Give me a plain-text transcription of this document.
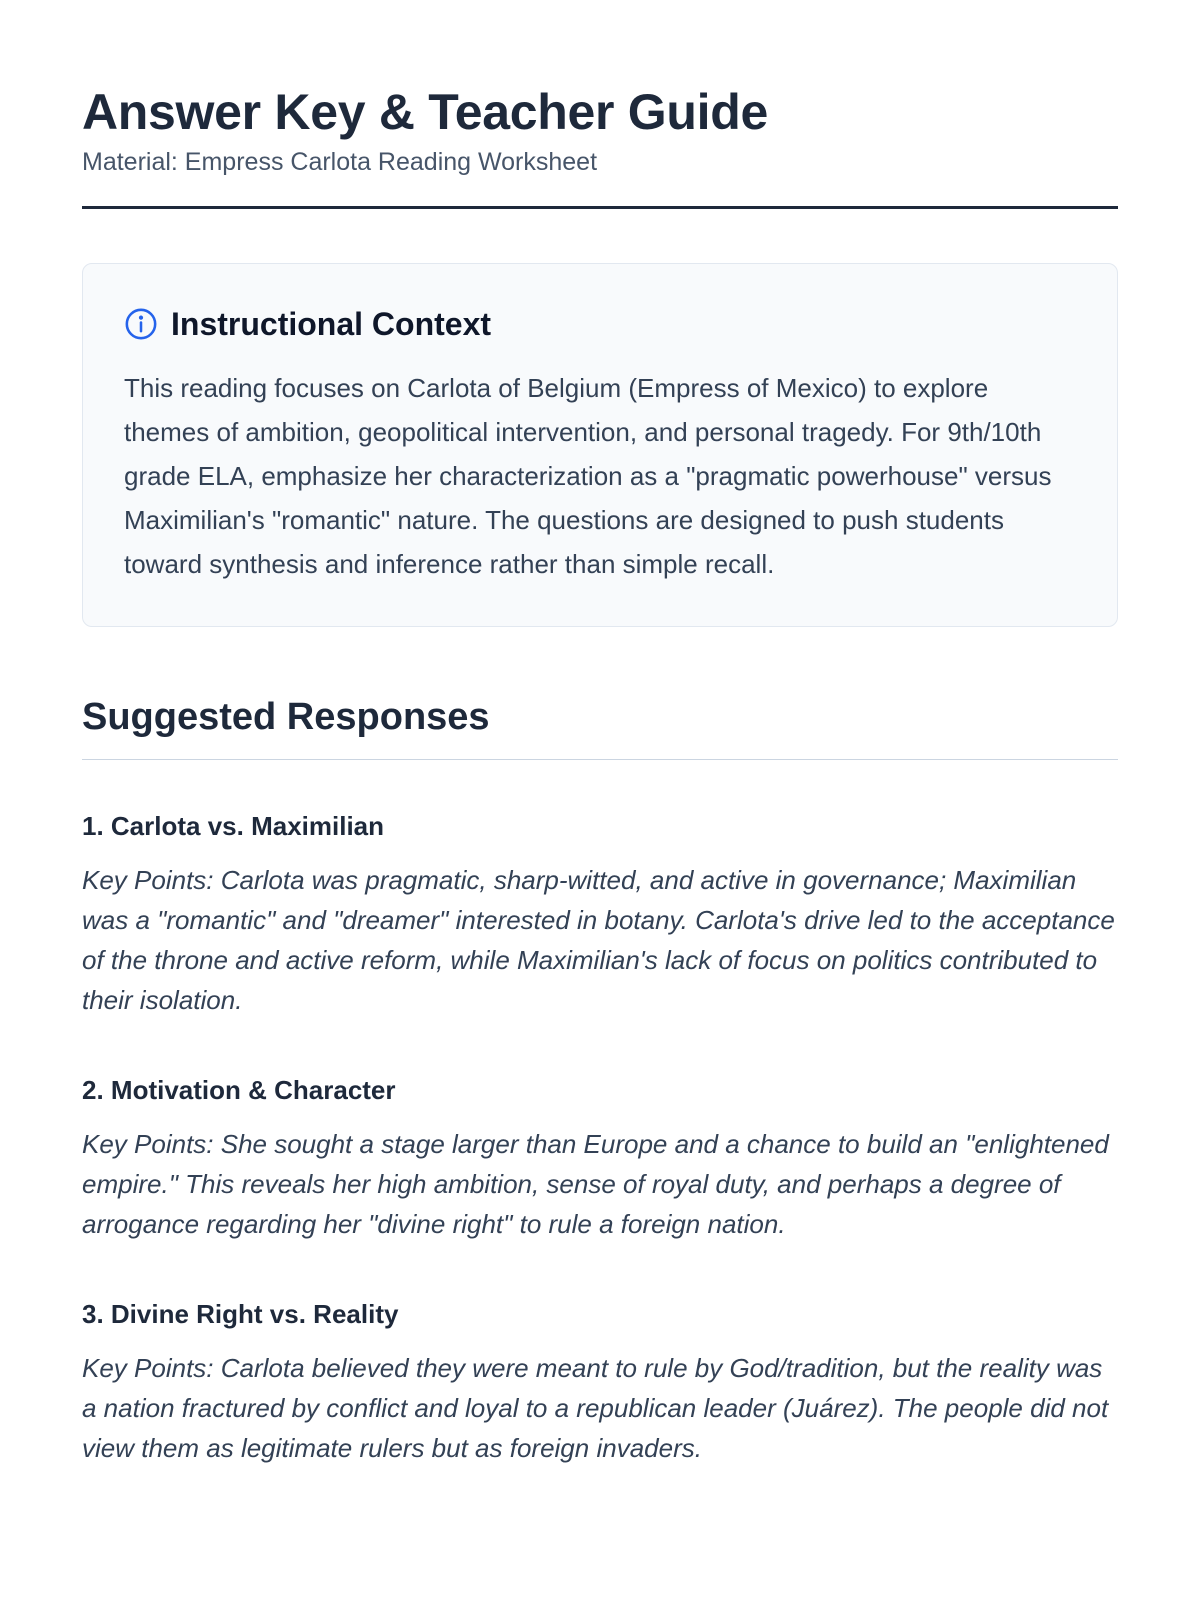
Answer Key & Teacher Guide

Material: Empress Carlota Reading Worksheet

Instructional Context

This reading focuses on Carlota of Belgium (Empress of Mexico) to explore themes of ambition, geopolitical intervention, and personal tragedy. For 9th/10th grade ELA, emphasize her characterization as a "pragmatic powerhouse" versus Maximilian's "romantic" nature. The questions are designed to push students toward synthesis and inference rather than simple recall.

Suggested Responses
1. Carlota vs. Maximilian

Key Points: Carlota was pragmatic, sharp-witted, and active in governance; Maximilian was a "romantic" and "dreamer" interested in botany. Carlota's drive led to the acceptance of the throne and active reform, while Maximilian's lack of focus on politics contributed to their isolation.

2. Motivation & Character

Key Points: She sought a stage larger than Europe and a chance to build an "enlightened empire." This reveals her high ambition, sense of royal duty, and perhaps a degree of arrogance regarding her "divine right" to rule a foreign nation.

3. Divine Right vs. Reality

Key Points: Carlota believed they were meant to rule by God/tradition, but the reality was a nation fractured by conflict and loyal to a republican leader (Juárez). The people did not view them as legitimate rulers but as foreign invaders.
